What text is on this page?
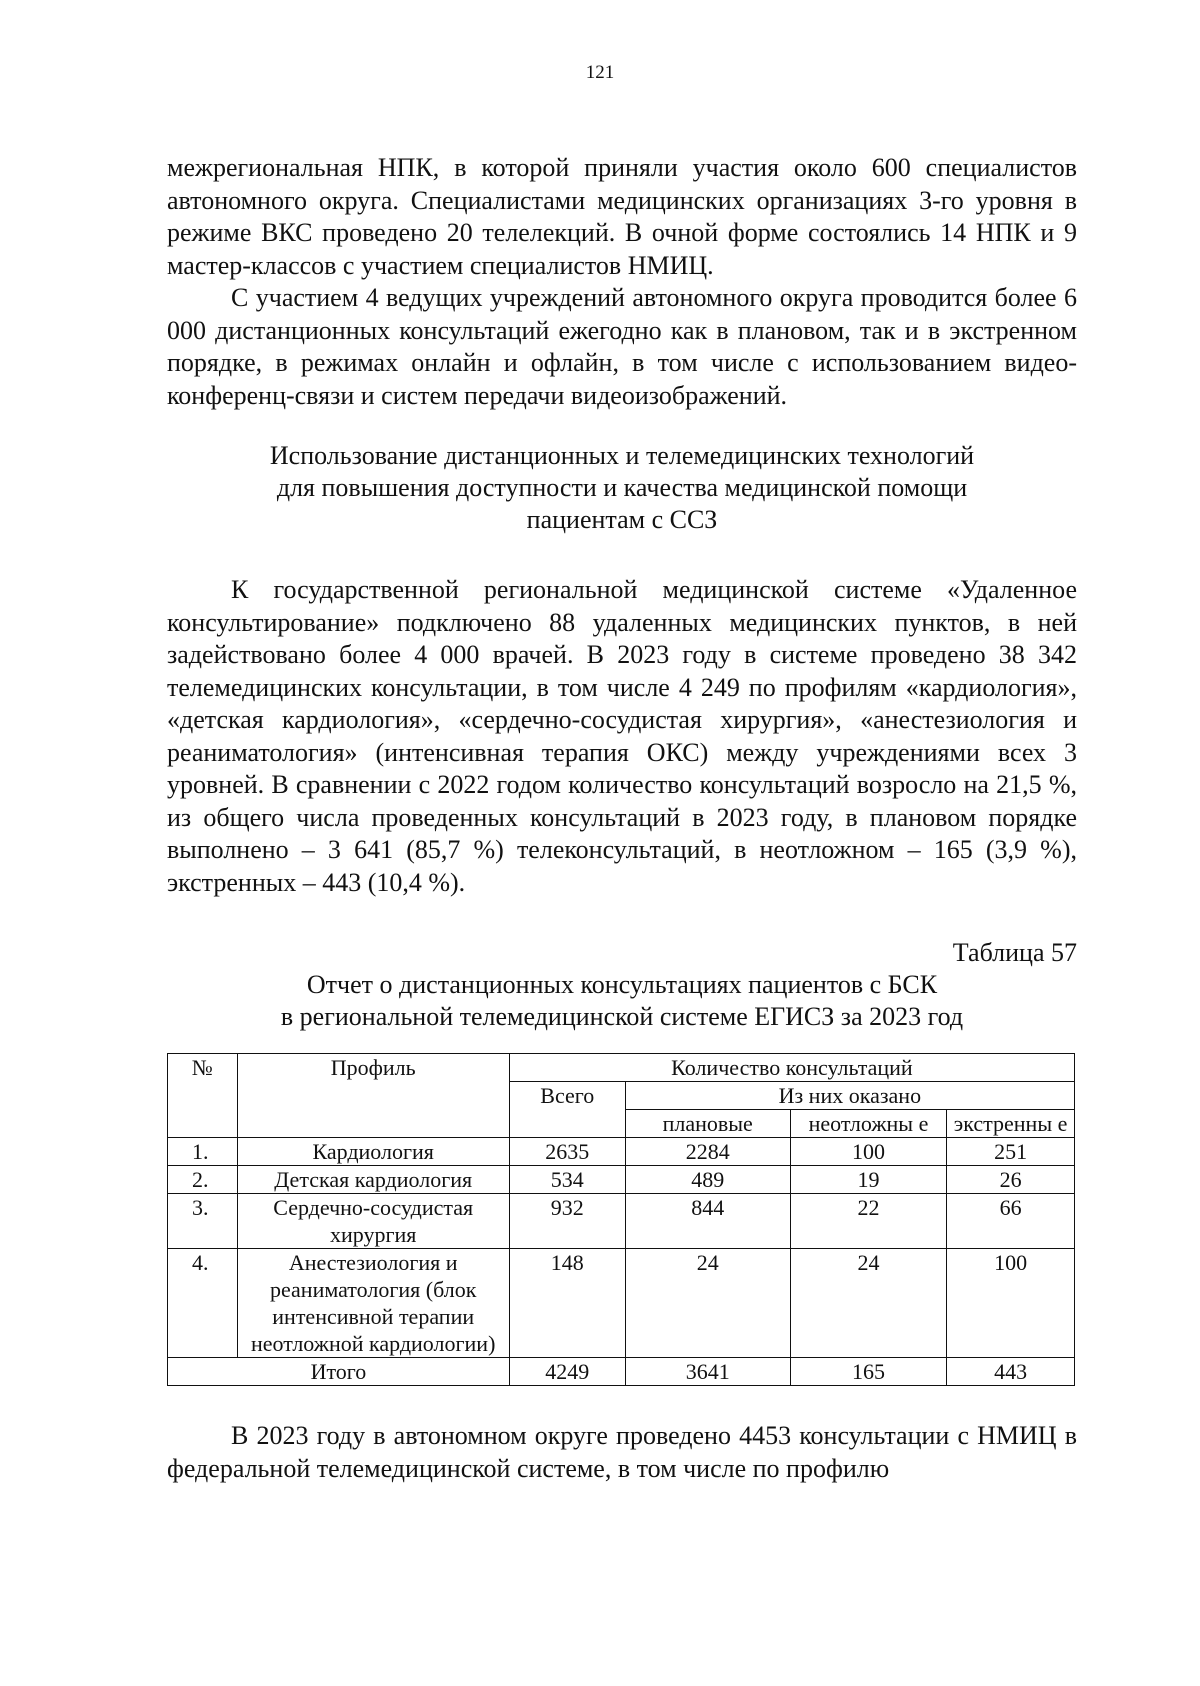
121

межрегиональная НПК, в которой приняли участия около 600 специалистов автономного округа. Специалистами медицинских организациях 3-го уровня в режиме ВКС проведено 20 телелекций. В очной форме состоялись 14 НПК и 9 мастер-классов с участием специалистов НМИЦ.

С участием 4 ведущих учреждений автономного округа проводится более 6 000 дистанционных консультаций ежегодно как в плановом, так и в экстренном порядке, в режимах онлайн и офлайн, в том числе с использованием видео-конференц-связи и систем передачи видеоизображений.

Использование дистанционных и телемедицинских технологий
для повышения доступности и качества медицинской помощи
пациентам с ССЗ

К государственной региональной медицинской системе «Удаленное консультирование» подключено 88 удаленных медицинских пунктов, в ней задействовано более 4 000 врачей. В 2023 году в системе проведено 38 342 телемедицинских консультации, в том числе 4 249 по профилям «кардиология», «детская кардиология», «сердечно-сосудистая хирургия», «анестезиология и реаниматология» (интенсивная терапия ОКС) между учреждениями всех 3 уровней. В сравнении с 2022 годом количество консультаций возросло на 21,5 %, из общего числа проведенных консультаций в 2023 году, в плановом порядке выполнено – 3 641 (85,7 %) телеконсультаций, в неотложном – 165 (3,9 %), экстренных – 443 (10,4 %).

Таблица 57
Отчет о дистанционных консультациях пациентов с БСК
в региональной телемедицинской системе ЕГИСЗ за 2023 год
№	Профиль	Количество консультаций			
		Всего	Из них оказано		
			плановые	неотложны е	экстренны е
1.	Кардиология	2635	2284	100	251
2.	Детская кардиология	534	489	19	26
3.	Сердечно-сосудистая хирургия	932	844	22	66
4.	Анестезиология и реаниматология (блок интенсивной терапии неотложной кардиологии)	148	24	24	100
Итого		4249	3641	165	443

В 2023 году в автономном округе проведено 4453 консультации с НМИЦ в федеральной телемедицинской системе, в том числе по профилю
